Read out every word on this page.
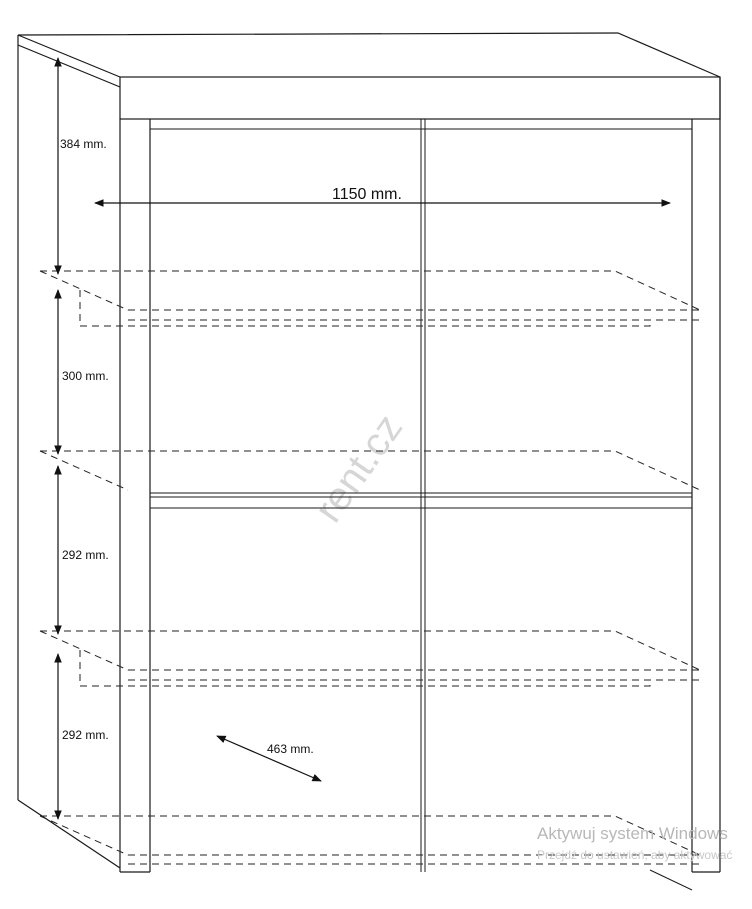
rent.cz
384 mm.
1150 mm.
300 mm.
292 mm.
292 mm.
463 mm.
Aktywuj system Windows
Przejdź do ustawień, aby aktywować
